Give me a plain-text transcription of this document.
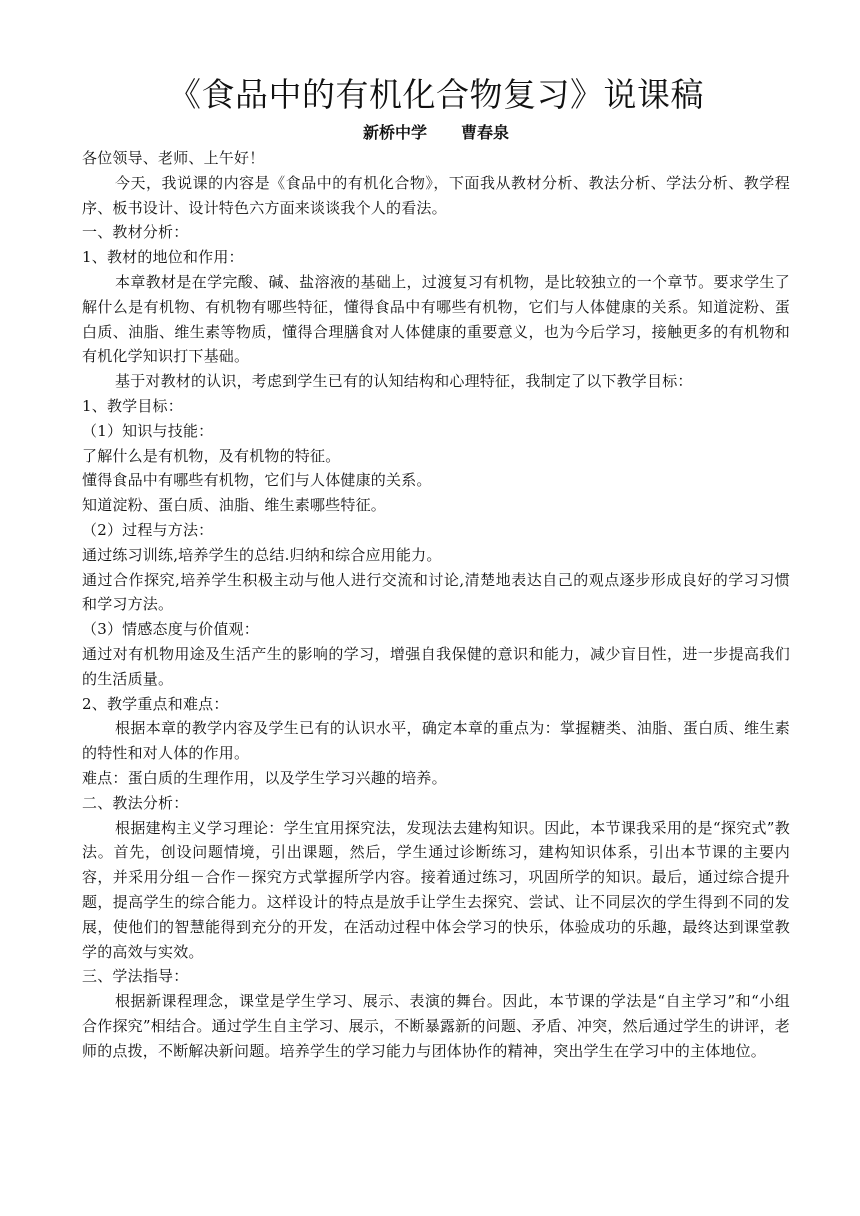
《食品中的有机化合物复习》说课稿

新桥中学 曹春泉

各位领导、老师、上午好！

今天，我说课的内容是《食品中的有机化合物》，下面我从教材分析、教法分析、学法分析、教学程序、板书设计、设计特色六方面来谈谈我个人的看法。

一、教材分析：

1、教材的地位和作用：

本章教材是在学完酸、碱、盐溶液的基础上，过渡复习有机物，是比较独立的一个章节。要求学生了解什么是有机物、有机物有哪些特征，懂得食品中有哪些有机物，它们与人体健康的关系。知道淀粉、蛋白质、油脂、维生素等物质，懂得合理膳食对人体健康的重要意义，也为今后学习，接触更多的有机物和有机化学知识打下基础。

基于对教材的认识，考虑到学生已有的认知结构和心理特征，我制定了以下教学目标：

1、教学目标：

（1）知识与技能：

了解什么是有机物，及有机物的特征。

懂得食品中有哪些有机物，它们与人体健康的关系。

知道淀粉、蛋白质、油脂、维生素哪些特征。

（2）过程与方法：

通过练习训练,培养学生的总结.归纳和综合应用能力。

通过合作探究,培养学生积极主动与他人进行交流和讨论,清楚地表达自己的观点逐步形成良好的学习习惯和学习方法。

（3）情感态度与价值观：

通过对有机物用途及生活产生的影响的学习，增强自我保健的意识和能力，减少盲目性，进一步提高我们的生活质量。

2、教学重点和难点：

根据本章的教学内容及学生已有的认识水平，确定本章的重点为：掌握糖类、油脂、蛋白质、维生素的特性和对人体的作用。

难点：蛋白质的生理作用，以及学生学习兴趣的培养。

二、教法分析：

根据建构主义学习理论：学生宜用探究法，发现法去建构知识。因此，本节课我采用的是“探究式”教法。首先，创设问题情境，引出课题，然后，学生通过诊断练习，建构知识体系，引出本节课的主要内容，并采用分组－合作－探究方式掌握所学内容。接着通过练习，巩固所学的知识。最后，通过综合提升题，提高学生的综合能力。这样设计的特点是放手让学生去探究、尝试、让不同层次的学生得到不同的发展，使他们的智慧能得到充分的开发，在活动过程中体会学习的快乐，体验成功的乐趣，最终达到课堂教学的高效与实效。

三、学法指导：

根据新课程理念，课堂是学生学习、展示、表演的舞台。因此，本节课的学法是“自主学习”和“小组合作探究”相结合。通过学生自主学习、展示，不断暴露新的问题、矛盾、冲突，然后通过学生的讲评，老师的点拨，不断解决新问题。培养学生的学习能力与团体协作的精神，突出学生在学习中的主体地位。
